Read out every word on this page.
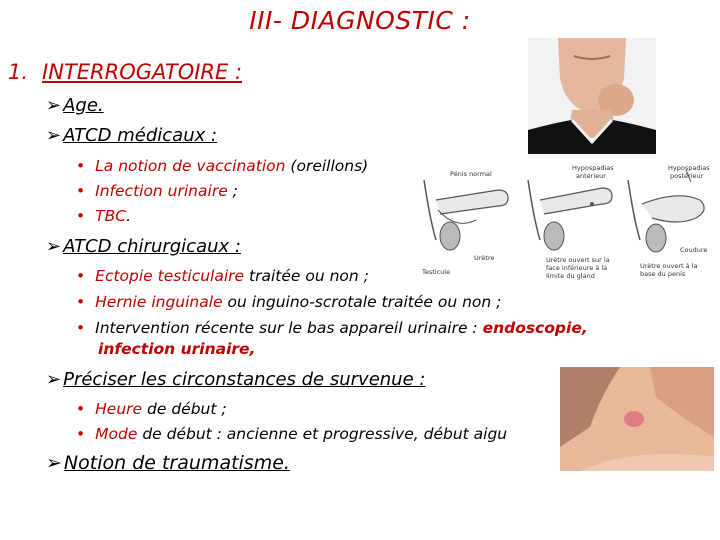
III- DIAGNOSTIC :
1. INTERROGATOIRE :
➢ Age.
➢ ATCD médicaux :
• La notion de vaccination (oreillons)
• Infection urinaire ;
• TBC.
➢ ATCD chirurgicaux :
• Ectopie testiculaire traitée ou non ;
• Hernie inguinale ou inguino-scrotale traitée ou non ;
• Intervention récente sur le bas appareil urinaire : endoscopie,
infection urinaire,
➢ Préciser les circonstances de survenue :
• Heure de début ;
• Mode de début : ancienne et progressive, début aigu
➢ Notion de traumatisme.
Pénis normal
Hypospadias
antérieur
Hypospadias
postérieur
Testicule
Urètre	Urètre ouvert sur la
face inférieure à la
limite du gland
Coudure
Urètre ouvert à la
base du penis
